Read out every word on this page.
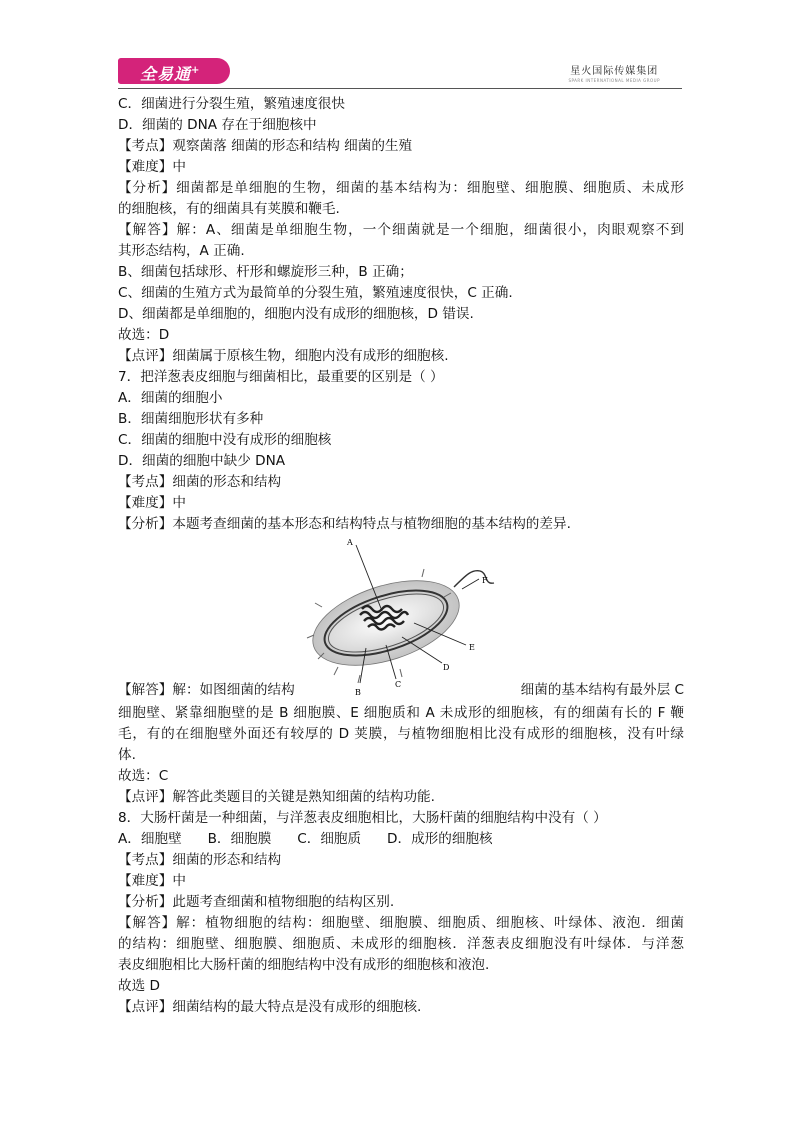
全易通+	星火国际传媒集团
SPARK INTERNATIONAL MEDIA GROUP
C．细菌进行分裂生殖，繁殖速度很快
D．细菌的 DNA 存在于细胞核中
【考点】观察菌落 细菌的形态和结构 细菌的生殖
【难度】中
【分析】细菌都是单细胞的生物，细菌的基本结构为：细胞壁、细胞膜、细胞质、未成形
的细胞核，有的细菌具有荚膜和鞭毛.
【解答】解：A、细菌是单细胞生物，一个细菌就是一个细胞，细菌很小，肉眼观察不到
其形态结构，A 正确.
B、细菌包括球形、杆形和螺旋形三种，B 正确；
C、细菌的生殖方式为最简单的分裂生殖，繁殖速度很快，C 正确.
D、细菌都是单细胞的，细胞内没有成形的细胞核，D 错误.
故选：D
【点评】细菌属于原核生物，细胞内没有成形的细胞核.
7．把洋葱表皮细胞与细菌相比，最重要的区别是（ ）
A．细菌的细胞小
B．细菌细胞形状有多种
C．细菌的细胞中没有成形的细胞核
D．细菌的细胞中缺少 DNA
【考点】细菌的形态和结构
【难度】中
【分析】本题考查细菌的基本形态和结构特点与植物细胞的基本结构的差异.
【解答】解：如图细菌的结构
A
F
E
D
C
B	细菌的基本结构有最外层 C
细胞壁、紧靠细胞壁的是 B 细胞膜、E 细胞质和 A 未成形的细胞核，有的细菌有长的 F 鞭
毛，有的在细胞壁外面还有较厚的 D 荚膜，与植物细胞相比没有成形的细胞核，没有叶绿
体.
故选：C
【点评】解答此类题目的关键是熟知细菌的结构功能.
8．大肠杆菌是一种细菌，与洋葱表皮细胞相比，大肠杆菌的细胞结构中没有（ ）
A．细胞壁      B．细胞膜      C．细胞质      D．成形的细胞核
【考点】细菌的形态和结构
【难度】中
【分析】此题考查细菌和植物细胞的结构区别.
【解答】解：植物细胞的结构：细胞壁、细胞膜、细胞质、细胞核、叶绿体、液泡．细菌
的结构：细胞壁、细胞膜、细胞质、未成形的细胞核．洋葱表皮细胞没有叶绿体．与洋葱
表皮细胞相比大肠杆菌的细胞结构中没有成形的细胞核和液泡.
故选 D
【点评】细菌结构的最大特点是没有成形的细胞核.
